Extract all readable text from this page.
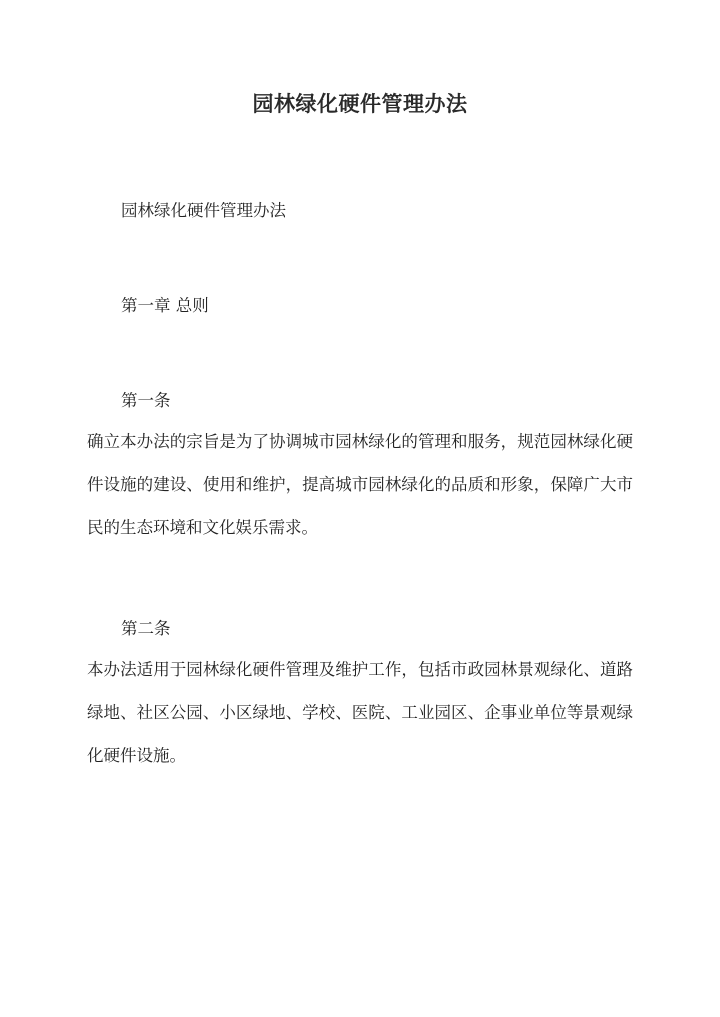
园林绿化硬件管理办法
园林绿化硬件管理办法
第一章 总则
第一条
确立本办法的宗旨是为了协调城市园林绿化的管理和服务，规范园林绿化硬件设施的建设、使用和维护，提高城市园林绿化的品质和形象，保障广大市民的生态环境和文化娱乐需求。
第二条
本办法适用于园林绿化硬件管理及维护工作，包括市政园林景观绿化、道路绿地、社区公园、小区绿地、学校、医院、工业园区、企事业单位等景观绿化硬件设施。
